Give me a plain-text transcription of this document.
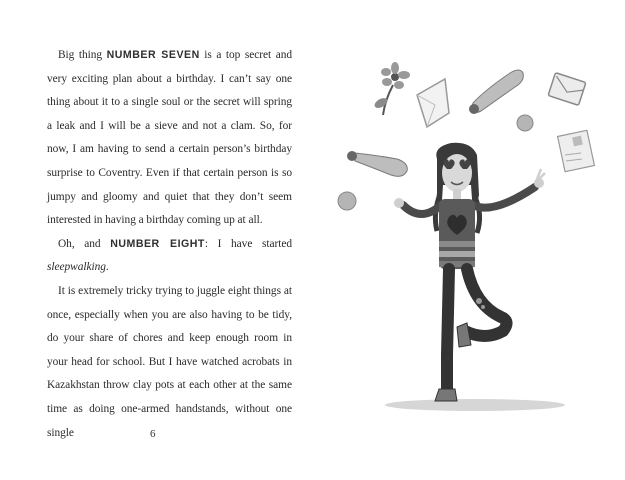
Big thing NUMBER SEVEN is a top secret and very exciting plan about a birthday. I can’t say one thing about it to a single soul or the secret will spring a leak and I will be a sieve and not a clam. So, for now, I am having to send a certain person’s birthday surprise to Coventry. Even if that certain person is so jumpy and gloomy and quiet that they don’t seem interested in having a birthday coming up at all.

Oh, and NUMBER EIGHT: I have started sleepwalking.

It is extremely tricky trying to juggle eight things at once, especially when you are also having to be tidy, do your share of chores and keep enough room in your head for school. But I have watched acrobats in Kazakhstan throw clay pots at each other at the same time as doing one-armed handstands, without one single	6
